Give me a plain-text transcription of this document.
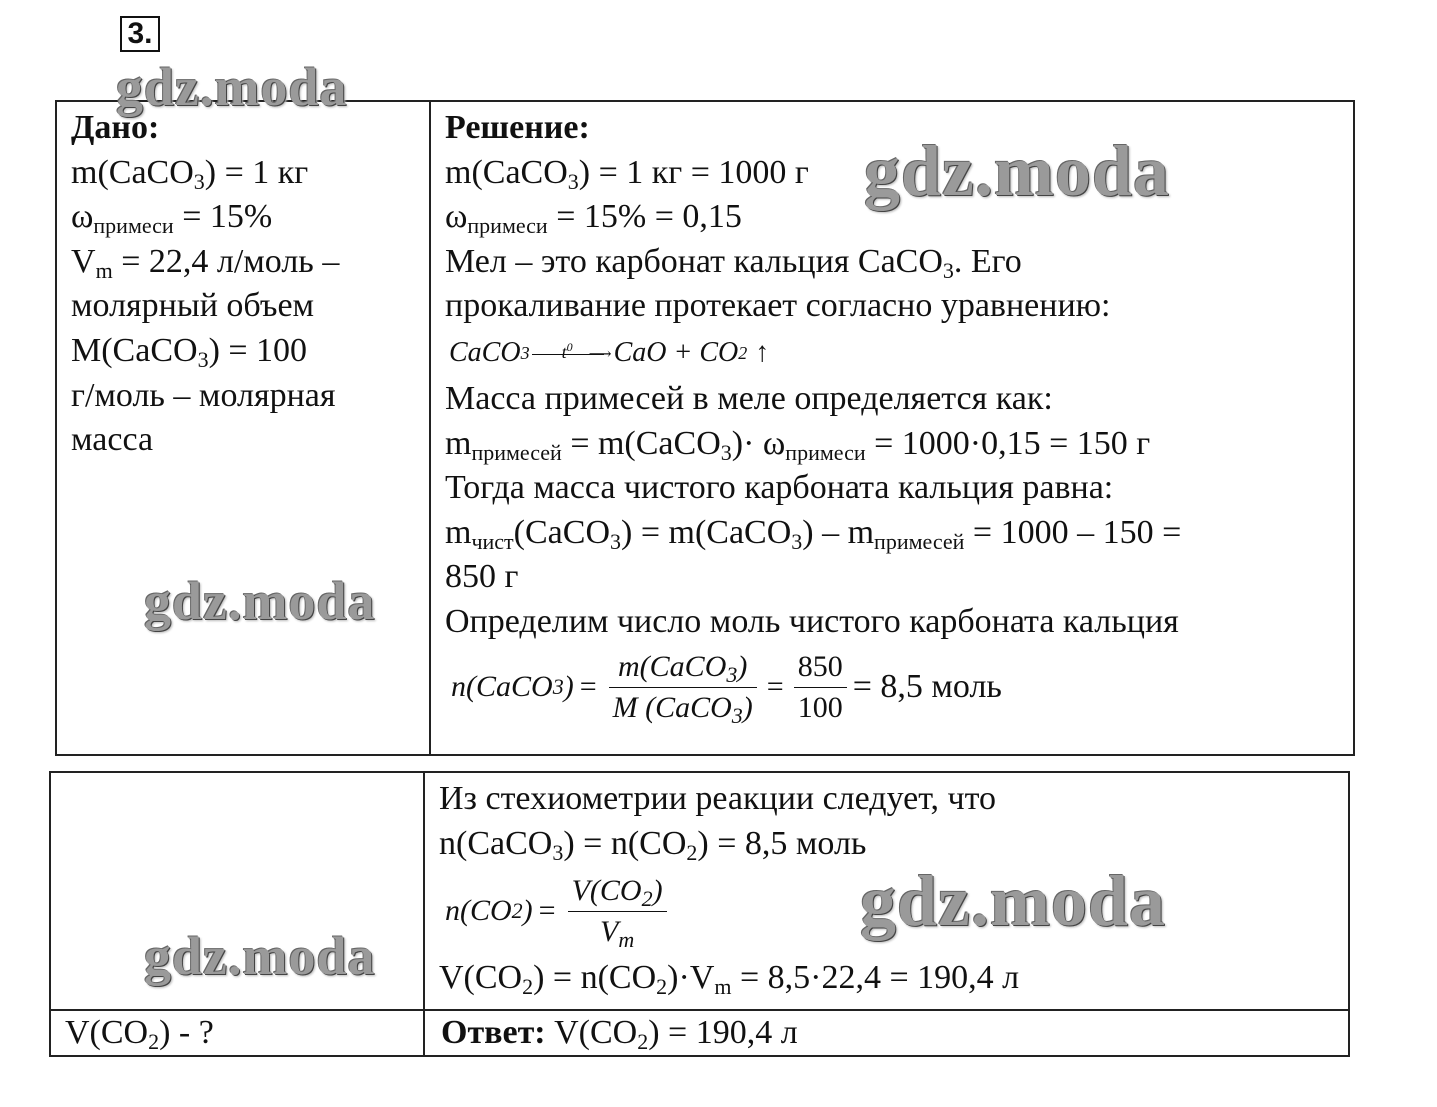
3.
Дано:
m(CaCO$_3$) = 1 кг
$\omega_{примеси} = 15\%$
$V_m = 22,4$ л/моль –
молярный объем
M(CaCO$_3$) = 100
г/моль – молярная
масса
Решение:
m(CaCO$_3$) = 1 кг = 1000 г
$\omega_{примеси} = 15\% = 0,15$
Мел – это карбонат кальция CaCO$_3$. Его
прокаливание протекает согласно уравнению:
CaCO 3 $t^0$ ⟶ CaO + CO 2 ↑
Масса примесей в меле определяется как:
$m_{примесей}$ = m(CaCO$_3$)· $\omega_{примеси} = 1000\cdot 0,15 = 150$ г
Тогда масса чистого карбоната кальция равна:
$m_{чист}(CaCO_3)$ = m(CaCO$_3$) – $m_{примесей} = 1000 - 150$ =
850 г
Определим число моль чистого карбоната кальция
n(CaCO 3 ) = $\frac{m(CaCO_3)}{M (CaCO_3)} = \frac{850}{100} = 8,5$ моль
Из стехиометрии реакции следует, что
n(CaCO$_3$) = $n(CO_2) = 8,5$ моль
n(CO 2 ) = $\frac{V(CO_2)}{V_m}$
$V(CO_2) = n(CO_2)\cdot V_m = 8,5\cdot 22,4 = 190,4$ л
$V(CO_2)$ - ?	Ответ: $V(CO_2) = 190,4$ л
gdz.moda
gdz.moda
gdz.moda
gdz.moda
gdz.moda
